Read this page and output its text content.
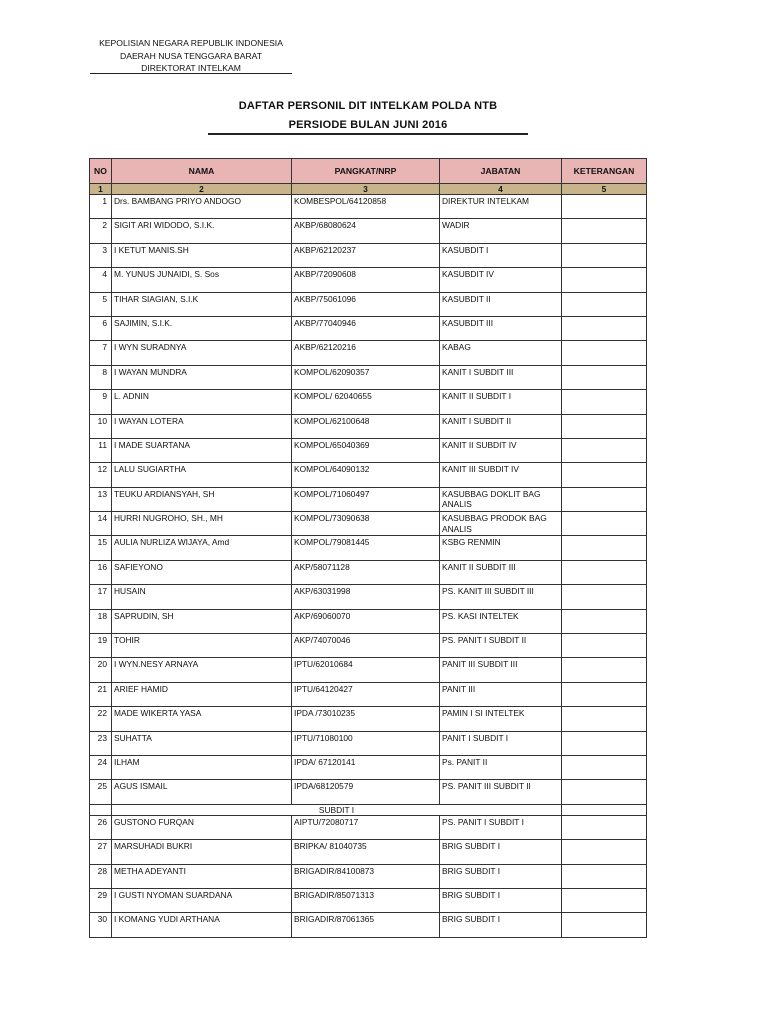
KEPOLISIAN NEGARA REPUBLIK INDONESIA
DAERAH NUSA TENGGARA BARAT
DIREKTORAT INTELKAM
DAFTAR PERSONIL DIT INTELKAM POLDA NTB
PERSIODE BULAN JUNI 2016
NO	NAMA	PANGKAT/NRP	JABATAN	KETERANGAN
1	2	3	4	5
1	Drs. BAMBANG PRIYO ANDOGO	KOMBESPOL/64120858	DIREKTUR INTELKAM	
2	SIGIT ARI WIDODO, S.I.K.	AKBP/68080624	WADIR	
3	I KETUT MANIS.SH	AKBP/62120237	KASUBDIT I	
4	M. YUNUS JUNAIDI, S. Sos	AKBP/72090608	KASUBDIT IV	
5	TIHAR SIAGIAN, S.I.K	AKBP/75061096	KASUBDIT II	
6	SAJIMIN, S.I.K.	AKBP/77040946	KASUBDIT III	
7	I WYN SURADNYA	AKBP/62120216	KABAG	
8	I WAYAN MUNDRA	KOMPOL/62090357	KANIT I SUBDIT III	
9	L. ADNIN	KOMPOL/ 62040655	KANIT II SUBDIT I	
10	I WAYAN LOTERA	KOMPOL/62100648	KANIT I SUBDIT II	
11	I MADE SUARTANA	KOMPOL/65040369	KANIT II SUBDIT IV	
12	LALU SUGIARTHA	KOMPOL/64090132	KANIT III SUBDIT IV	
13	TEUKU ARDIANSYAH, SH	KOMPOL/71060497	KASUBBAG DOKLIT BAG ANALIS	
14	HURRI NUGROHO, SH., MH	KOMPOL/73090638	KASUBBAG PRODOK BAG ANALIS	
15	AULIA NURLIZA WIJAYA, Amd	KOMPOL/79081445	KSBG RENMIN	
16	SAFIEYONO	AKP/58071128	KANIT II SUBDIT III	
17	HUSAIN	AKP/63031998	PS. KANIT III SUBDIT III	
18	SAPRUDIN, SH	AKP/69060070	PS. KASI INTELTEK	
19	TOHIR	AKP/74070046	PS. PANIT I SUBDIT II	
20	I WYN.NESY ARNAYA	IPTU/62010684	PANIT III SUBDIT III	
21	ARIEF HAMID	IPTU/64120427	PANIT III	
22	MADE WIKERTA YASA	IPDA /73010235	PAMIN I SI INTELTEK	
23	SUHATTA	IPTU/71080100	PANIT I SUBDIT I	
24	ILHAM	IPDA/ 67120141	Ps. PANIT II	
25	AGUS ISMAIL	IPDA/68120579	PS. PANIT III SUBDIT II	
	SUBDIT I			
26	GUSTONO FURQAN	AIPTU/72080717	PS. PANIT I SUBDIT I	
27	MARSUHADI BUKRI	BRIPKA/ 81040735	BRIG SUBDIT I	
28	METHA ADEYANTI	BRIGADIR/84100873	BRIG SUBDIT I	
29	I GUSTI NYOMAN SUARDANA	BRIGADIR/85071313	BRIG SUBDIT I	
30	I KOMANG YUDI ARTHANA	BRIGADIR/87061365	BRIG SUBDIT I	
